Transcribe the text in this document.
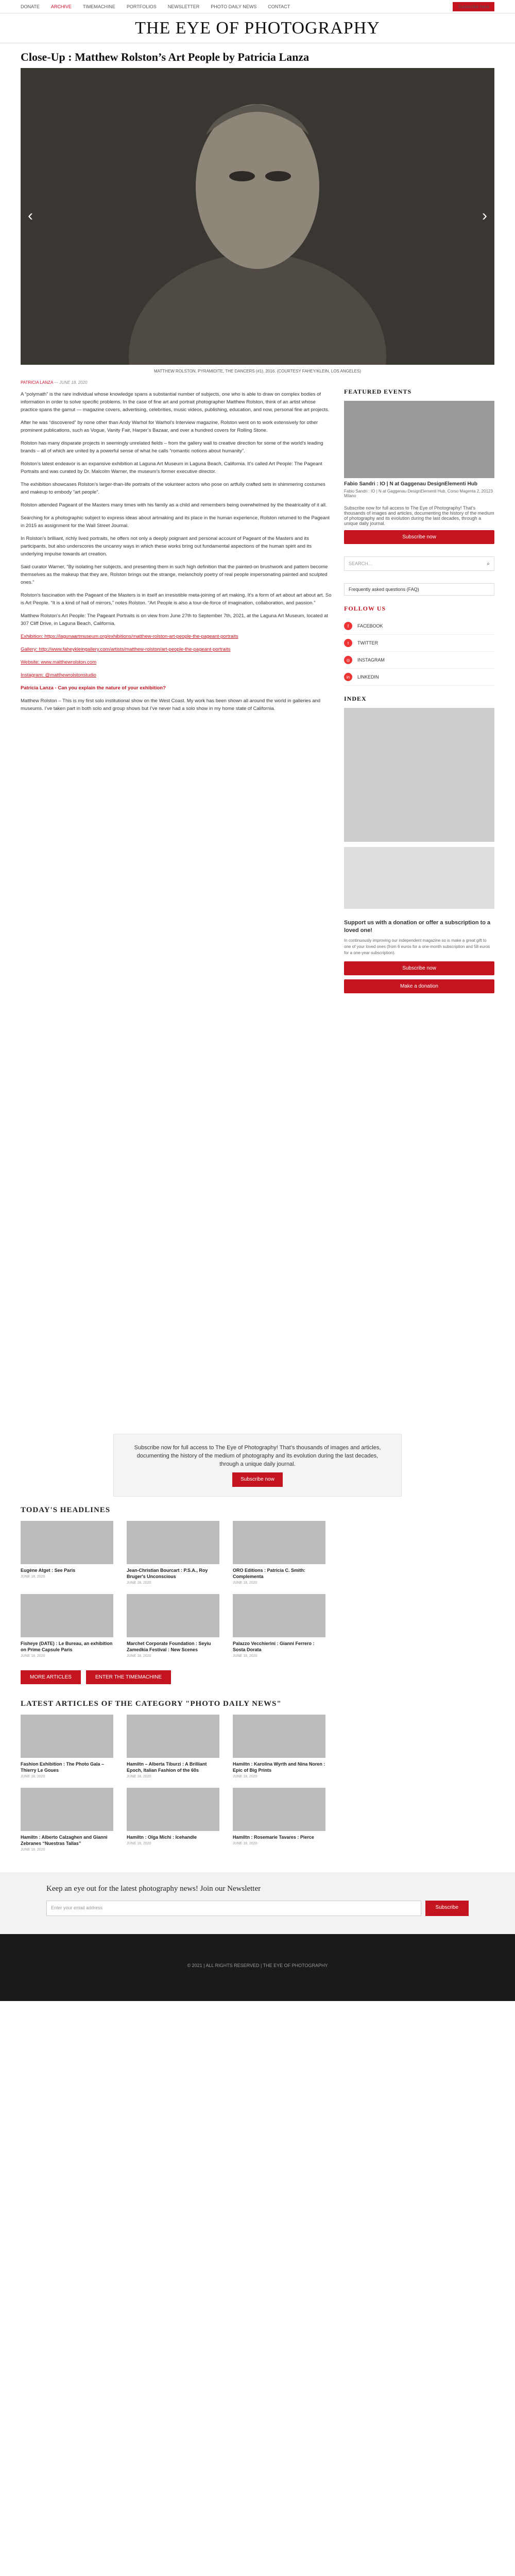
DONATE ARCHIVE TIMEMACHINE PORTFOLIOS NEWSLETTER PHOTO DAILY NEWS CONTACT	Subscribe here
THE EYE OF PHOTOGRAPHY
Close-Up : Matthew Rolston’s Art People by Patricia Lanza
‹	›
MATTHEW ROLSTON, PYRAMIDITE, THE DANCERS (#1), 2016. (COURTESY FAHEY/KLEIN, LOS ANGELES)
PATRICIA LANZA — JUNE 18, 2020

A “polymath” is the rare individual whose knowledge spans a substantial number of subjects, one who is able to draw on complex bodies of information in order to solve specific problems. In the case of fine art and portrait photographer Matthew Rolston, think of an artist whose practice spans the gamut — magazine covers, advertising, celebrities, music videos, publishing, education, and now, personal fine art projects.

After he was “discovered” by none other than Andy Warhol for Warhol's Interview magazine, Rolston went on to work extensively for other prominent publications, such as Vogue, Vanity Fair, Harper’s Bazaar, and over a hundred covers for Rolling Stone.

Rolston has many disparate projects in seemingly unrelated fields – from the gallery wall to creative direction for some of the world's leading brands – all of which are united by a powerful sense of what he calls “romantic notions about humanity”.

Rolston’s latest endeavor is an expansive exhibition at Laguna Art Museum in Laguna Beach, California. It’s called Art People: The Pageant Portraits and was curated by Dr. Malcolm Warner, the museum’s former executive director.

The exhibition showcases Rolston’s larger-than-life portraits of the volunteer actors who pose on artfully crafted sets in shimmering costumes and makeup to embody “art people”.

Rolston attended Pageant of the Masters many times with his family as a child and remembers being overwhelmed by the theatricality of it all.

Searching for a photographic subject to express ideas about artmaking and its place in the human experience, Rolston returned to the Pageant in 2015 as assignment for the Wall Street Journal.

In Rolston’s brilliant, richly lived portraits, he offers not only a deeply poignant and personal account of Pageant of the Masters and its participants, but also underscores the uncanny ways in which these works bring out fundamental aspections of the human spirit and its underlying impulse towards art creation.

Said curator Warner, “By isolating her subjects, and presenting them in such high definition that the painted-on brushwork and pattern become themselves as the makeup that they are, Rolston brings out the strange, melancholy poetry of real people impersonating painted and sculpted ones.”

Rolston's fascination with the Pageant of the Masters is in itself an irresistible meta-joining of art making. It's a form of art about art about art. So is Art People. “It is a kind of hall of mirrors,” notes Rolston. “Art People is also a tour-de-force of imagination, collaboration, and passion.”

Matthew Rolston’s Art People: The Pageant Portraits is on view from June 27th to September 7th, 2021, at the Laguna Art Museum, located at 307 Cliff Drive, in Laguna Beach, California.

Exhibition: https://lagunaartmuseum.org/exhibitions/matthew-rolston-art-people-the-pageant-portraits

Gallery: http://www.faheykleingallery.com/artists/matthew-rolston/art-people-the-pageant-portraits

Website: www.matthewrolston.com

Instagram: @matthewrolstonstudio

Patricia Lanza - Can you explain the nature of your exhibition?

Matthew Rolston – This is my first solo institutional show on the West Coast. My work has been shown all around the world in galleries and museums. I’ve taken part in both solo and group shows but I’ve never had a solo show in my home state of California.

FEATURED EVENTS
Fabio Sandri : IO | N at Gaggenau DesignElementi Hub
Fabio Sandri : IO | N at Gaggenau DesignElementi Hub, Corso Magenta 2, 20123 Milano
Subscribe now for full access to The Eye of Photography! That’s thousands of images and articles, documenting the history of the medium of photography and its evolution during the last decades, through a unique daily journal.
Subscribe now
SEARCH…	⌕
Frequently asked questions (FAQ)
FOLLOW US
f	FACEBOOK
t	TWITTER
◎	INSTAGRAM
in	LINKEDIN
INDEX
Support us with a donation or offer a subscription to a loved one!
In continuously improving our independent magazine so is make a great gift to one of your loved ones (from 6 euros for a one-month subscription and 58 euros for a one-year subscription).
Subscribe now
Make a donation
Subscribe now for full access to The Eye of Photography! That’s thousands of images and articles, documenting the history of the medium of photography and its evolution during the last decades, through a unique daily journal.
Subscribe now
TODAY'S HEADLINES
Eugène Atget : See Paris
JUNE 18, 2020
Jean-Christian Bourcart : P.S.A., Roy Bruger's Unconscious
JUNE 18, 2020
ORO Editions : Patricia C. Smith: Complementa
JUNE 18, 2020
Fisheye (DATE) : Le Bureau, an exhibition on Prime Capsule Paris
JUNE 18, 2020
Marchet Corporate Foundation : Seyiu Zamedkia Festival : New Scenes
JUNE 18, 2020
Palazzo Vecchierini : Gianni Ferrero : Sosta Dorata
JUNE 18, 2020
MORE ARTICLES	ENTER THE TIMEMACHINE
LATEST ARTICLES OF THE CATEGORY "PHOTO DAILY NEWS"
Fashion Exhibition : The Photo Gala – Thierry Le Goues
JUNE 18, 2020
Hamiltn – Alberta Tiburzi : A Brilliant Epoch, Italian Fashion of the 60s
JUNE 18, 2020
Hamiltn : Karolina Wyrth and Nina Noren : Epic of Big Prints
JUNE 18, 2020
Hamiltn : Alberto Calzaghen and Gianni Zebranes “Nuestras Tallas”
JUNE 18, 2020
Hamiltn : Olga Michi : Icehandle
JUNE 18, 2020
Hamiltn : Rosemarie Tavares : Pierce
JUNE 18, 2020
Keep an eye out for the latest photography news! Join our Newsletter
Enter your email address	Subscribe
© 2021 | ALL RIGHTS RESERVED | THE EYE OF PHOTOGRAPHY
